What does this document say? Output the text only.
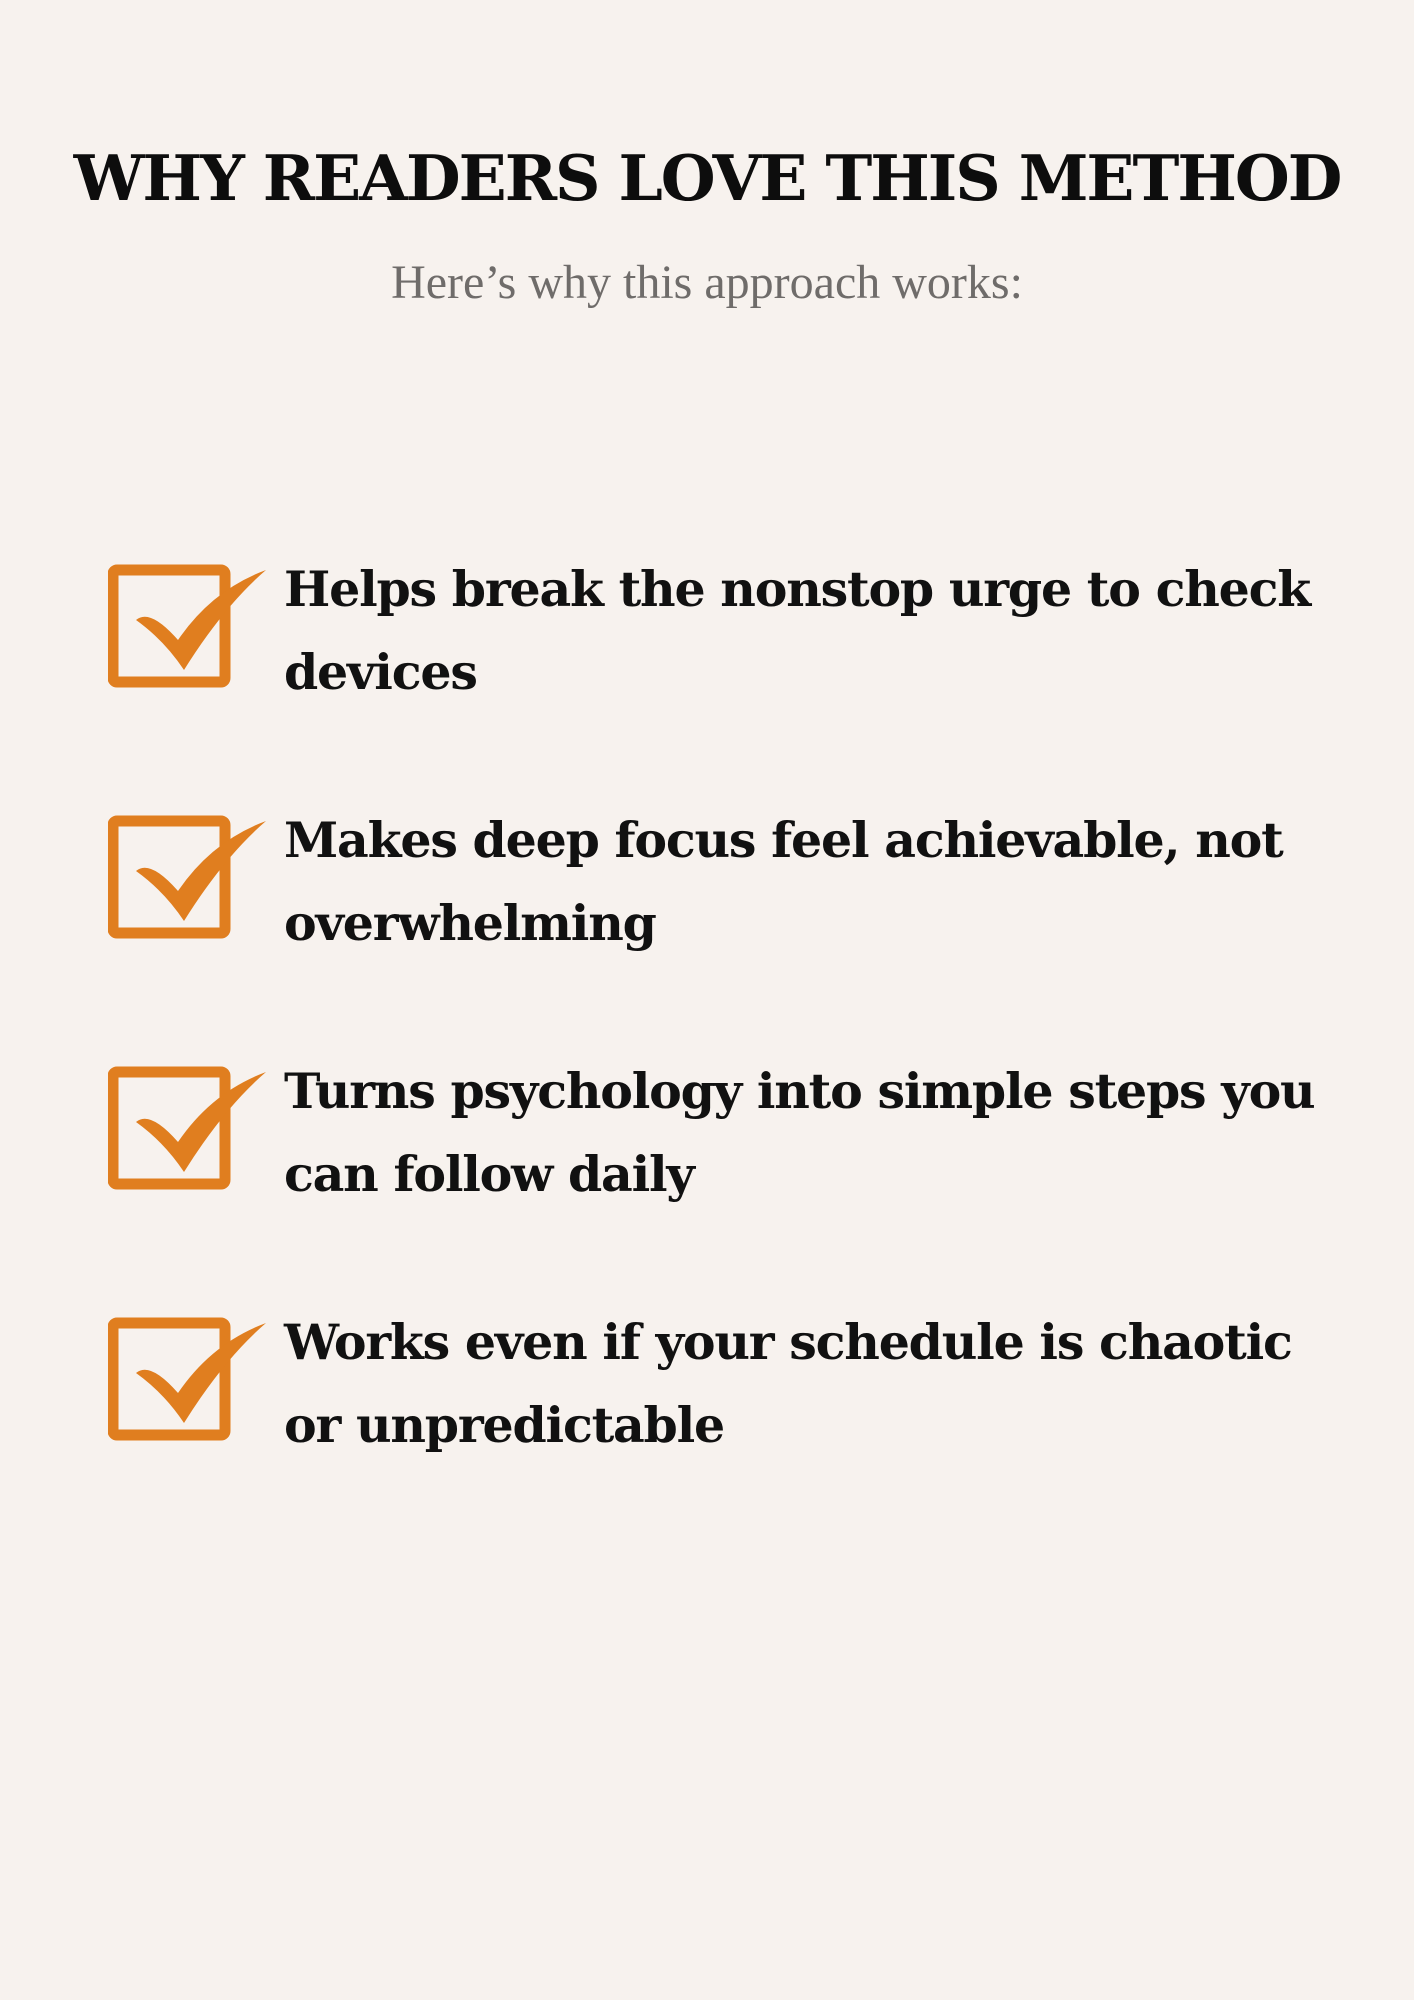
WHY READERS LOVE THIS METHOD
Here’s why this approach works:
Helps break the nonstop urge to check devices
Makes deep focus feel achievable, not overwhelming
Turns psychology into simple steps you can follow daily
Works even if your schedule is chaotic or unpredictable
